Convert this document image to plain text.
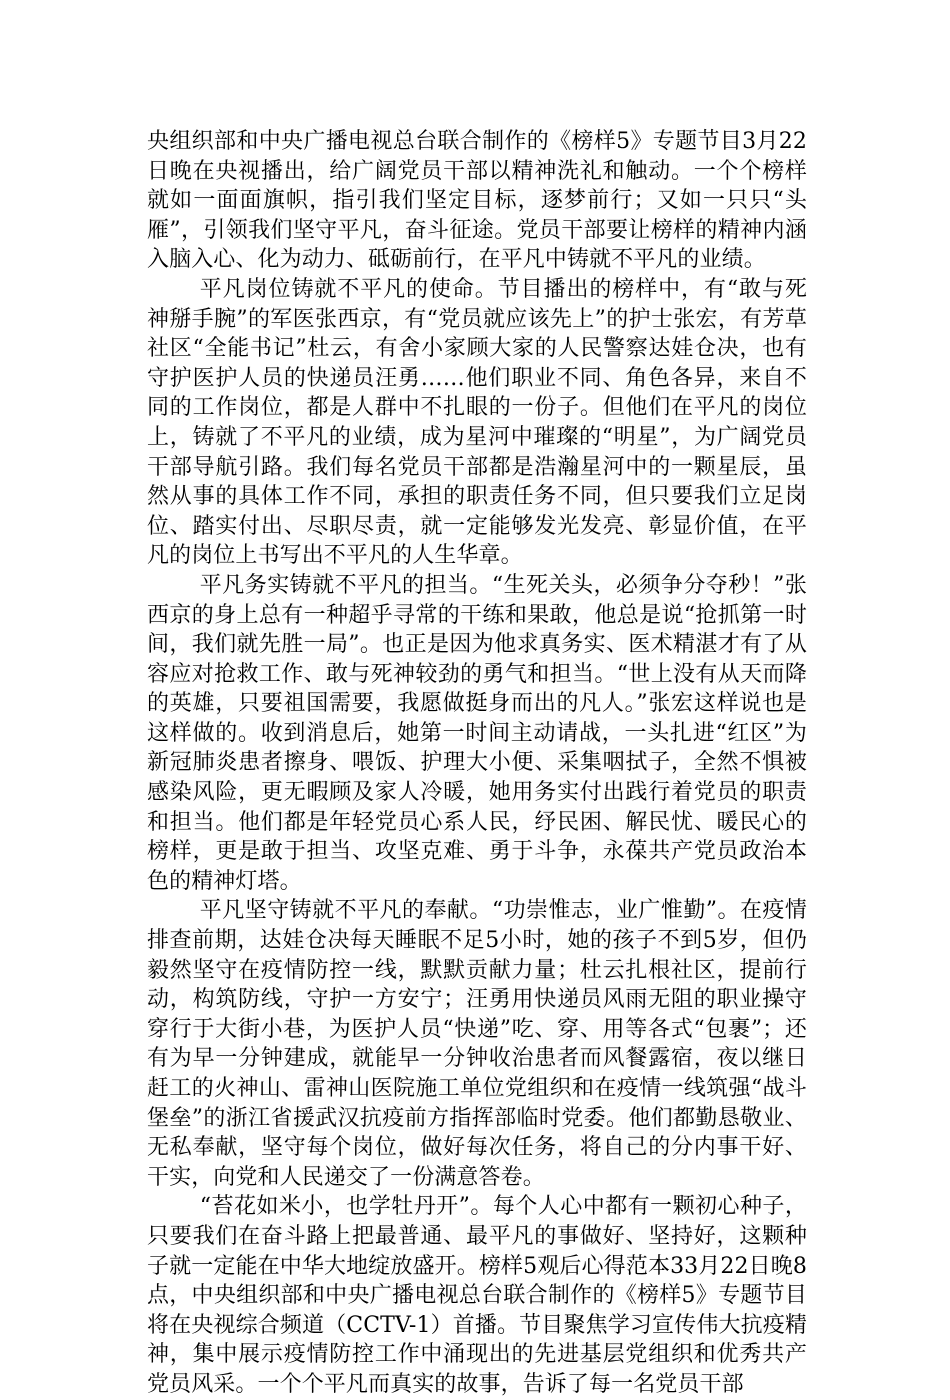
央组织部和中央广播电视总台联合制作的《榜样5》专题节目3月22日晚在央视播出，给广阔党员干部以精神洗礼和触动。一个个榜样就如一面面旗帜，指引我们坚定目标，逐梦前行；又如一只只“头雁”，引领我们坚守平凡，奋斗征途。党员干部要让榜样的精神内涵入脑入心、化为动力、砥砺前行，在平凡中铸就不平凡的业绩。

平凡岗位铸就不平凡的使命。节目播出的榜样中，有“敢与死神掰手腕”的军医张西京，有“党员就应该先上”的护士张宏，有芳草社区“全能书记”杜云，有舍小家顾大家的人民警察达娃仓决，也有守护医护人员的快递员汪勇……他们职业不同、角色各异，来自不同的工作岗位，都是人群中不扎眼的一份子。但他们在平凡的岗位上，铸就了不平凡的业绩，成为星河中璀璨的“明星”，为广阔党员干部导航引路。我们每名党员干部都是浩瀚星河中的一颗星辰，虽然从事的具体工作不同，承担的职责任务不同，但只要我们立足岗位、踏实付出、尽职尽责，就一定能够发光发亮、彰显价值，在平凡的岗位上书写出不平凡的人生华章。

平凡务实铸就不平凡的担当。“生死关头，必须争分夺秒！”张西京的身上总有一种超乎寻常的干练和果敢，他总是说“抢抓第一时间，我们就先胜一局”。也正是因为他求真务实、医术精湛才有了从容应对抢救工作、敢与死神较劲的勇气和担当。“世上没有从天而降的英雄，只要祖国需要，我愿做挺身而出的凡人。”张宏这样说也是这样做的。收到消息后，她第一时间主动请战，一头扎进“红区”为新冠肺炎患者擦身、喂饭、护理大小便、采集咽拭子，全然不惧被感染风险，更无暇顾及家人冷暖，她用务实付出践行着党员的职责和担当。他们都是年轻党员心系人民，纾民困、解民忧、暖民心的榜样，更是敢于担当、攻坚克难、勇于斗争，永葆共产党员政治本色的精神灯塔。

平凡坚守铸就不平凡的奉献。“功崇惟志，业广惟勤”。在疫情排查前期，达娃仓决每天睡眠不足5小时，她的孩子不到5岁，但仍毅然坚守在疫情防控一线，默默贡献力量；杜云扎根社区，提前行动，构筑防线，守护一方安宁；汪勇用快递员风雨无阻的职业操守穿行于大街小巷，为医护人员“快递”吃、穿、用等各式“包裹”；还有为早一分钟建成，就能早一分钟收治患者而风餐露宿，夜以继日赶工的火神山、雷神山医院施工单位党组织和在疫情一线筑强“战斗堡垒”的浙江省援武汉抗疫前方指挥部临时党委。他们都勤恳敬业、无私奉献，坚守每个岗位，做好每次任务，将自己的分内事干好、干实，向党和人民递交了一份满意答卷。

“苔花如米小，也学牡丹开”。每个人心中都有一颗初心种子，只要我们在奋斗路上把最普通、最平凡的事做好、坚持好，这颗种子就一定能在中华大地绽放盛开。榜样5观后心得范本33月22日晚8点，中央组织部和中央广播电视总台联合制作的《榜样5》专题节目将在央视综合频道（CCTV-1）首播。节目聚焦学习宣传伟大抗疫精神，集中展示疫情防控工作中涌现出的先进基层党组织和优秀共产党员风采。一个个平凡而真实的故事，告诉了每一名党员干部
